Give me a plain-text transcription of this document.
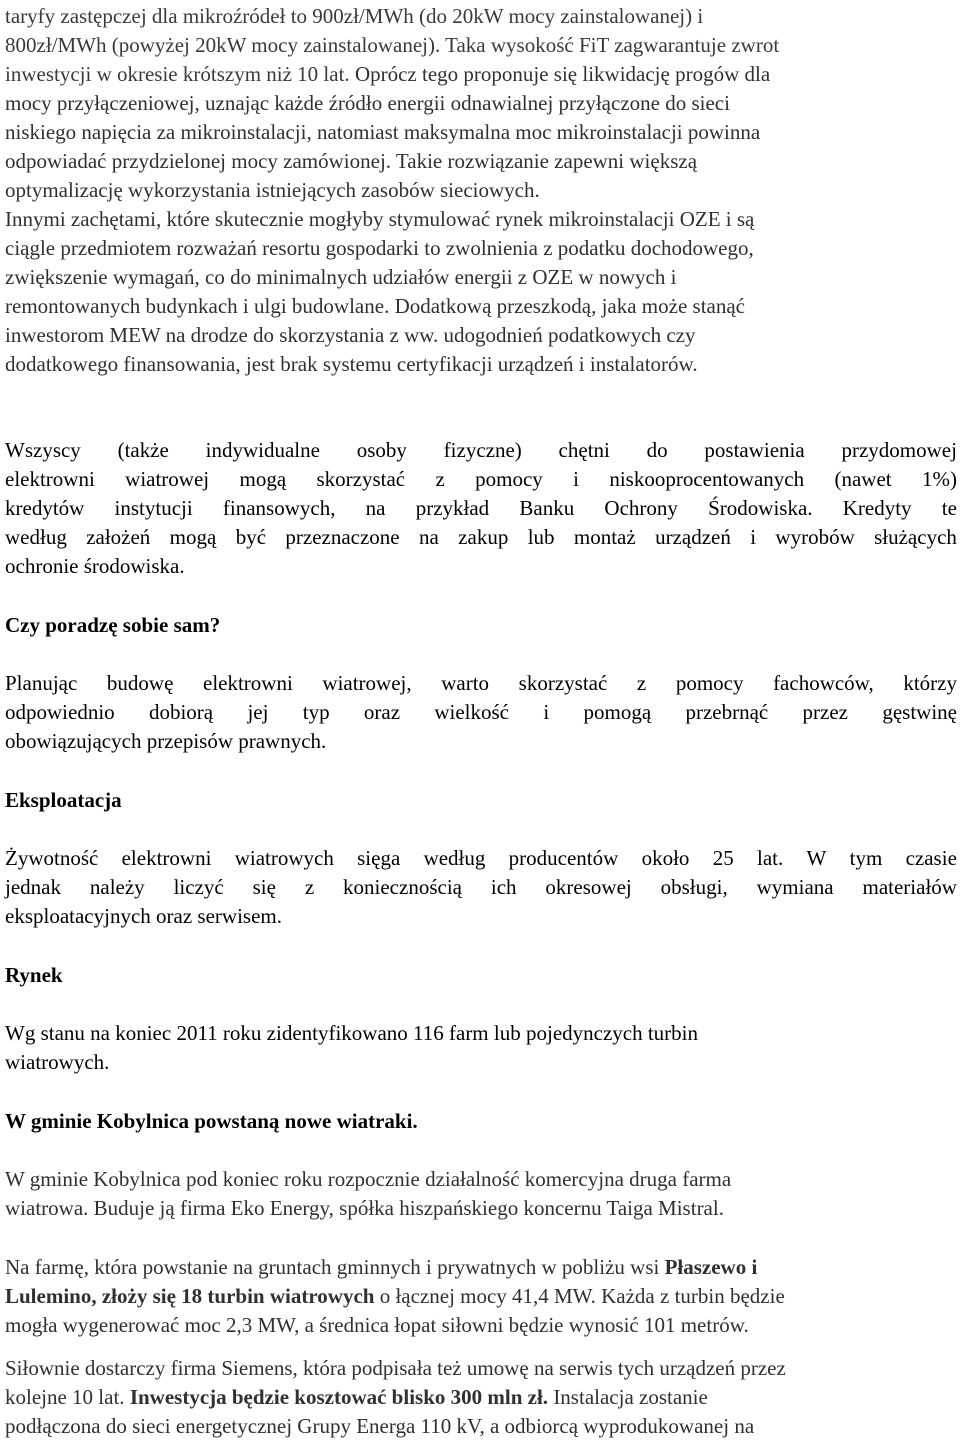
taryfy zastępczej dla mikroźródeł to 900zł/MWh (do 20kW mocy zainstalowanej) i
800zł/MWh (powyżej 20kW mocy zainstalowanej). Taka wysokość FiT zagwarantuje zwrot
inwestycji w okresie krótszym niż 10 lat. Oprócz tego proponuje się likwidację progów dla
mocy przyłączeniowej, uznając każde źródło energii odnawialnej przyłączone do sieci
niskiego napięcia za mikroinstalacji, natomiast maksymalna moc mikroinstalacji powinna
odpowiadać przydzielonej mocy zamówionej. Takie rozwiązanie zapewni większą
optymalizację wykorzystania istniejących zasobów sieciowych.
Innymi zachętami, które skutecznie mogłyby stymulować rynek mikroinstalacji OZE i są
ciągle przedmiotem rozważań resortu gospodarki to zwolnienia z podatku dochodowego,
zwiększenie wymagań, co do minimalnych udziałów energii z OZE w nowych i
remontowanych budynkach i ulgi budowlane. Dodatkową przeszkodą, jaka może stanąć
inwestorom MEW na drodze do skorzystania z ww. udogodnień podatkowych czy
dodatkowego finansowania, jest brak systemu certyfikacji urządzeń i instalatorów.
Wszyscy (także indywidualne osoby fizyczne) chętni do postawienia przydomowej
elektrowni wiatrowej mogą skorzystać z pomocy i niskooprocentowanych (nawet 1%)
kredytów instytucji finansowych, na przykład Banku Ochrony Środowiska. Kredyty te
według założeń mogą być przeznaczone na zakup lub montaż urządzeń i wyrobów służących
ochronie środowiska.
Czy poradzę sobie sam?
Planując budowę elektrowni wiatrowej, warto skorzystać z pomocy fachowców, którzy
odpowiednio dobiorą jej typ oraz wielkość i pomogą przebrnąć przez gęstwinę
obowiązujących przepisów prawnych.
Eksploatacja
Żywotność elektrowni wiatrowych sięga według producentów około 25 lat. W tym czasie
jednak należy liczyć się z koniecznością ich okresowej obsługi, wymiana materiałów
eksploatacyjnych oraz serwisem.
Rynek
Wg stanu na koniec 2011 roku zidentyfikowano 116 farm lub pojedynczych turbin
wiatrowych.
W gminie Kobylnica powstaną nowe wiatraki.
W gminie Kobylnica pod koniec roku rozpocznie działalność komercyjna druga farma
wiatrowa. Buduje ją firma Eko Energy, spółka hiszpańskiego koncernu Taiga Mistral.
Na farmę, która powstanie na gruntach gminnych i prywatnych w pobliżu wsi Płaszewo i
Lulemino, złoży się 18 turbin wiatrowych o łącznej mocy 41,4 MW. Każda z turbin będzie
mogła wygenerować moc 2,3 MW, a średnica łopat siłowni będzie wynosić 101 metrów.
Siłownie dostarczy firma Siemens, która podpisała też umowę na serwis tych urządzeń przez
kolejne 10 lat. Inwestycja będzie kosztować blisko 300 mln zł. Instalacja zostanie
podłączona do sieci energetycznej Grupy Energa 110 kV, a odbiorcą wyprodukowanej na
